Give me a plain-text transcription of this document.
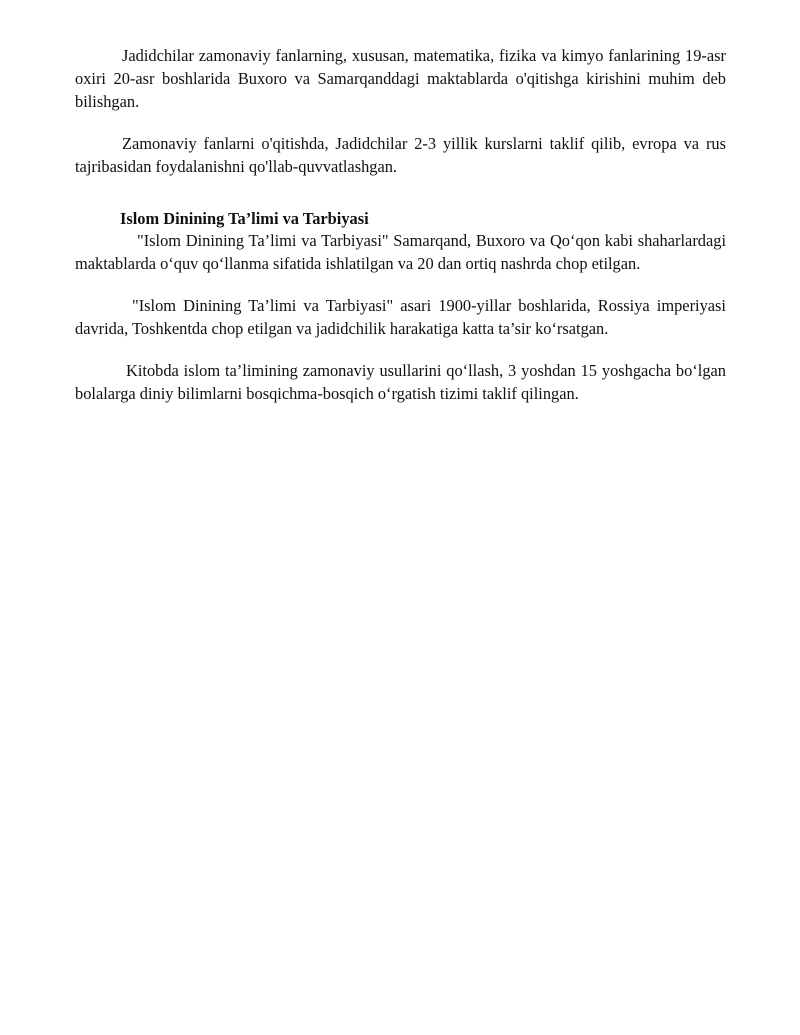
Jadidchilar zamonaviy fanlarning, xususan, matematika, fizika va kimyo fanlarining 19-asr oxiri 20-asr boshlarida Buxoro va Samarqanddagi maktablarda o'qitishga kirishini muhim deb bilishgan.

Zamonaviy fanlarni o'qitishda, Jadidchilar 2-3 yillik kurslarni taklif qilib, evropa va rus tajribasidan foydalanishni qo'llab-quvvatlashgan.

Islom Dinining Ta’limi va Tarbiyasi

"Islom Dinining Ta’limi va Tarbiyasi" Samarqand, Buxoro va Qo‘qon kabi shaharlardagi maktablarda o‘quv qo‘llanma sifatida ishlatilgan va 20 dan ortiq nashrda chop etilgan.

"Islom Dinining Ta’limi va Tarbiyasi" asari 1900-yillar boshlarida, Rossiya imperiyasi davrida, Toshkentda chop etilgan va jadidchilik harakatiga katta ta’sir ko‘rsatgan.

Kitobda islom ta’limining zamonaviy usullarini qo‘llash, 3 yoshdan 15 yoshgacha bo‘lgan bolalarga diniy bilimlarni bosqichma-bosqich o‘rgatish tizimi taklif qilingan.
